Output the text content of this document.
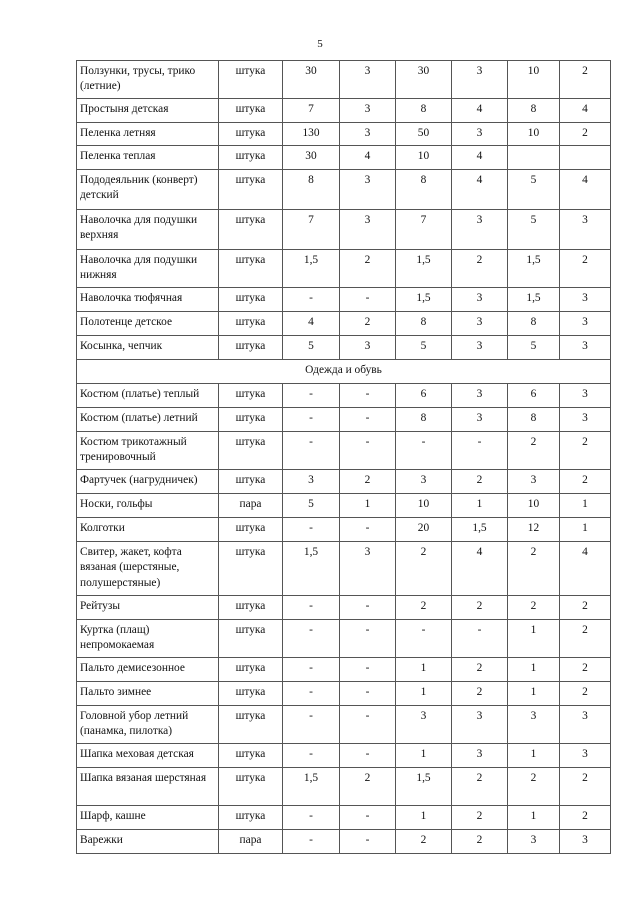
5
Ползунки, трусы, трико (летние)	штука	30	3	30	3	10	2
Простыня детская	штука	7	3	8	4	8	4
Пеленка летняя	штука	130	3	50	3	10	2
Пеленка теплая	штука	30	4	10	4		
Пододеяльник (конверт) детский	штука	8	3	8	4	5	4
Наволочка для подушки верхняя	штука	7	3	7	3	5	3
Наволочка для подушки нижняя	штука	1,5	2	1,5	2	1,5	2
Наволочка тюфячная	штука	-	-	1,5	3	1,5	3
Полотенце детское	штука	4	2	8	3	8	3
Косынка, чепчик	штука	5	3	5	3	5	3
Одежда и обувь							
Костюм (платье) теплый	штука	-	-	6	3	6	3
Костюм (платье) летний	штука	-	-	8	3	8	3
Костюм трикотажный тренировочный	штука	-	-	-	-	2	2
Фартучек (нагрудничек)	штука	3	2	3	2	3	2
Носки, гольфы	пара	5	1	10	1	10	1
Колготки	штука	-	-	20	1,5	12	1
Свитер, жакет, кофта вязаная (шерстяные, полушерстяные)	штука	1,5	3	2	4	2	4
Рейтузы	штука	-	-	2	2	2	2
Куртка (плащ) непромокаемая	штука	-	-	-	-	1	2
Пальто демисезонное	штука	-	-	1	2	1	2
Пальто зимнее	штука	-	-	1	2	1	2
Головной убор летний (панамка, пилотка)	штука	-	-	3	3	3	3
Шапка меховая детская	штука	-	-	1	3	1	3
Шапка вязаная шерстяная	штука	1,5	2	1,5	2	2	2
Шарф, кашне	штука	-	-	1	2	1	2
Варежки	пара	-	-	2	2	3	3
